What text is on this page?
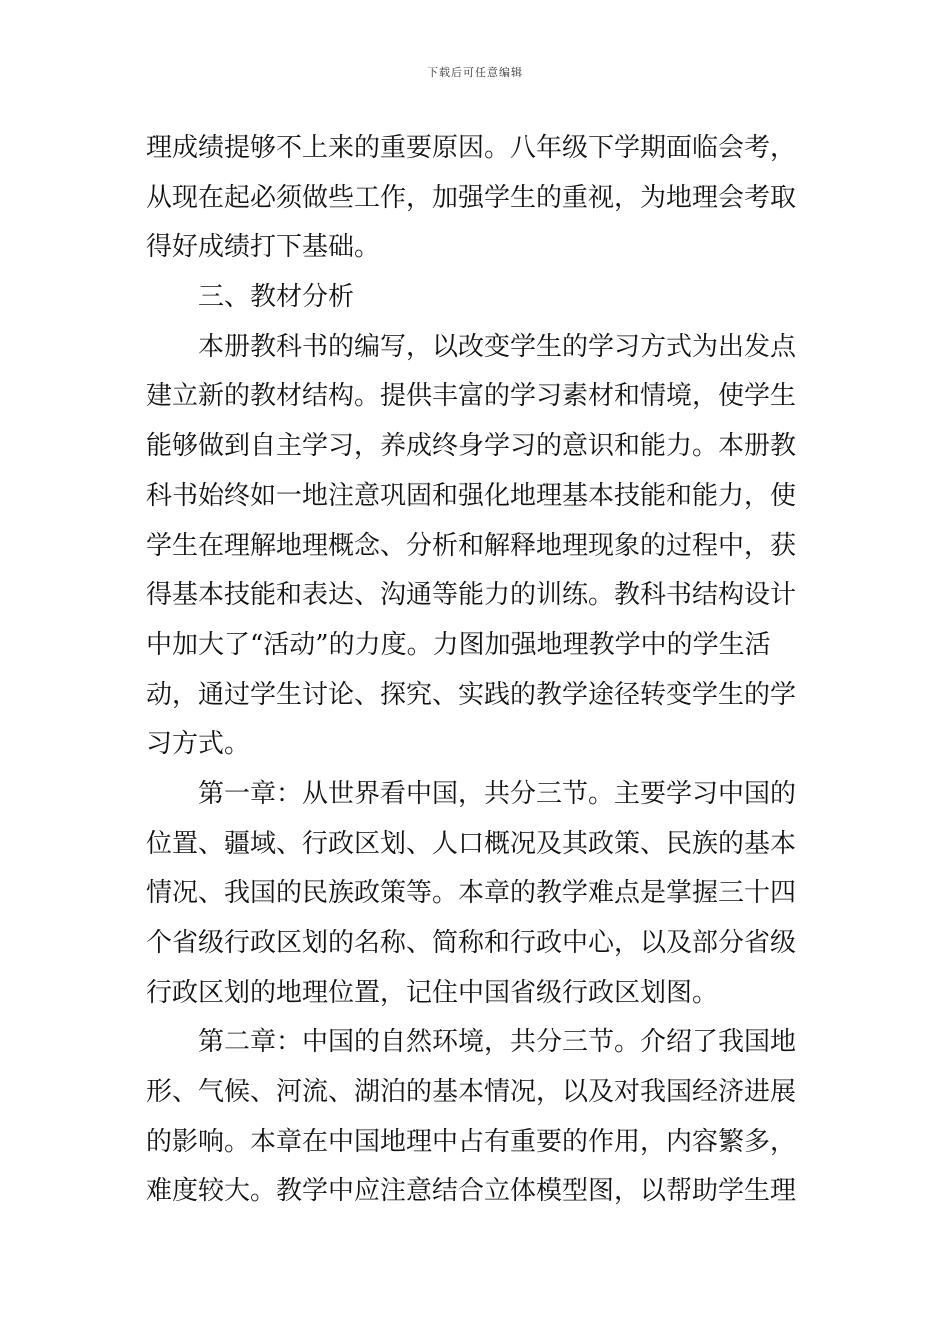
下载后可任意编辑

理成绩提够不上来的重要原因。八年级下学期面临会考，
从现在起必须做些工作，加强学生的重视，为地理会考取
得好成绩打下基础。

三、教材分析

本册教科书的编写，以改变学生的学习方式为出发点
建立新的教材结构。提供丰富的学习素材和情境，使学生
能够做到自主学习，养成终身学习的意识和能力。本册教
科书始终如一地注意巩固和强化地理基本技能和能力，使
学生在理解地理概念、分析和解释地理现象的过程中，获
得基本技能和表达、沟通等能力的训练。教科书结构设计
中加大了“活动”的力度。力图加强地理教学中的学生活
动，通过学生讨论、探究、实践的教学途径转变学生的学
习方式。

第一章：从世界看中国，共分三节。主要学习中国的
位置、疆域、行政区划、人口概况及其政策、民族的基本
情况、我国的民族政策等。本章的教学难点是掌握三十四
个省级行政区划的名称、简称和行政中心，以及部分省级
行政区划的地理位置，记住中国省级行政区划图。

第二章：中国的自然环境，共分三节。介绍了我国地
形、气候、河流、湖泊的基本情况，以及对我国经济进展
的影响。本章在中国地理中占有重要的作用，内容繁多，
难度较大。教学中应注意结合立体模型图，以帮助学生理
